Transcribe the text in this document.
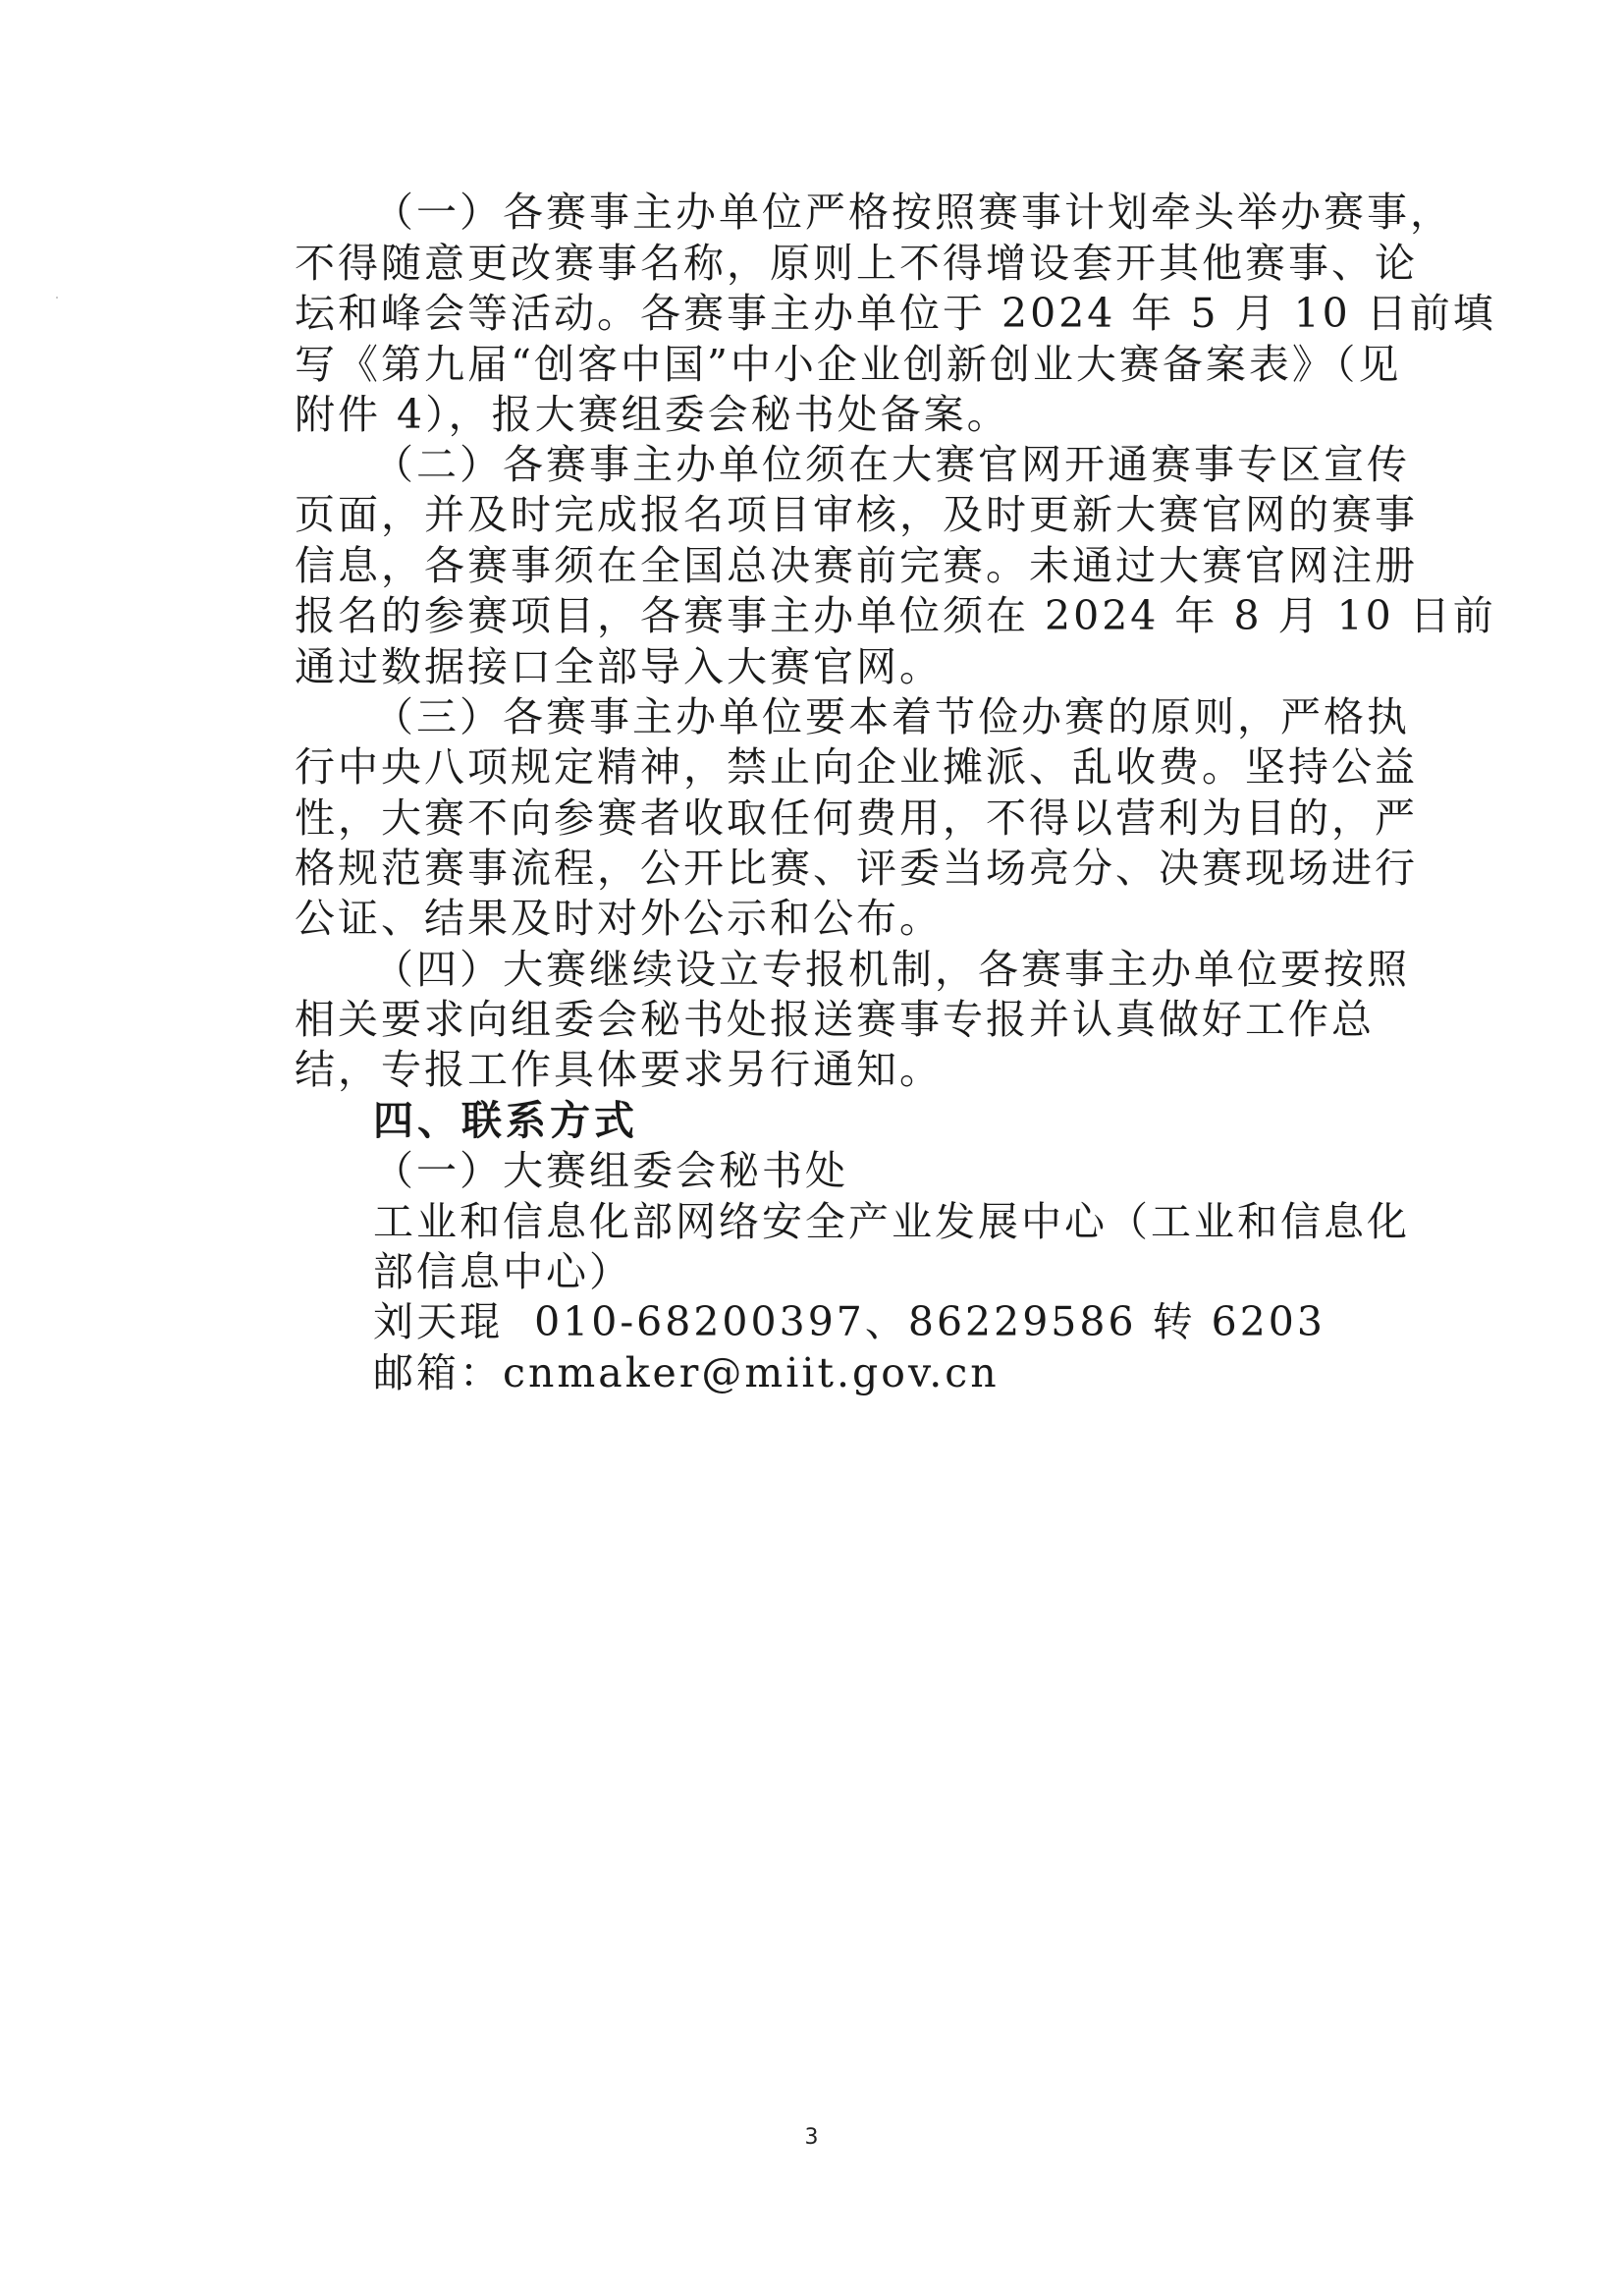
（一）各赛事主办单位严格按照赛事计划牵头举办赛事，
不得随意更改赛事名称，原则上不得增设套开其他赛事、论
坛和峰会等活动。各赛事主办单位于 2024 年 5 月 10 日前填
写《第九届“创客中国”中小企业创新创业大赛备案表》（见
附件 4），报大赛组委会秘书处备案。
（二）各赛事主办单位须在大赛官网开通赛事专区宣传
页面，并及时完成报名项目审核，及时更新大赛官网的赛事
信息，各赛事须在全国总决赛前完赛。未通过大赛官网注册
报名的参赛项目，各赛事主办单位须在 2024 年 8 月 10 日前
通过数据接口全部导入大赛官网。
（三）各赛事主办单位要本着节俭办赛的原则，严格执
行中央八项规定精神，禁止向企业摊派、乱收费。坚持公益
性，大赛不向参赛者收取任何费用，不得以营利为目的，严
格规范赛事流程，公开比赛、评委当场亮分、决赛现场进行
公证、结果及时对外公示和公布。
（四）大赛继续设立专报机制，各赛事主办单位要按照
相关要求向组委会秘书处报送赛事专报并认真做好工作总
结，专报工作具体要求另行通知。
四、联系方式
（一）大赛组委会秘书处
工业和信息化部网络安全产业发展中心（工业和信息化
部信息中心）
刘天琨  010-68200397、86229586 转 6203
邮箱：cnmaker@miit.gov.cn
3
